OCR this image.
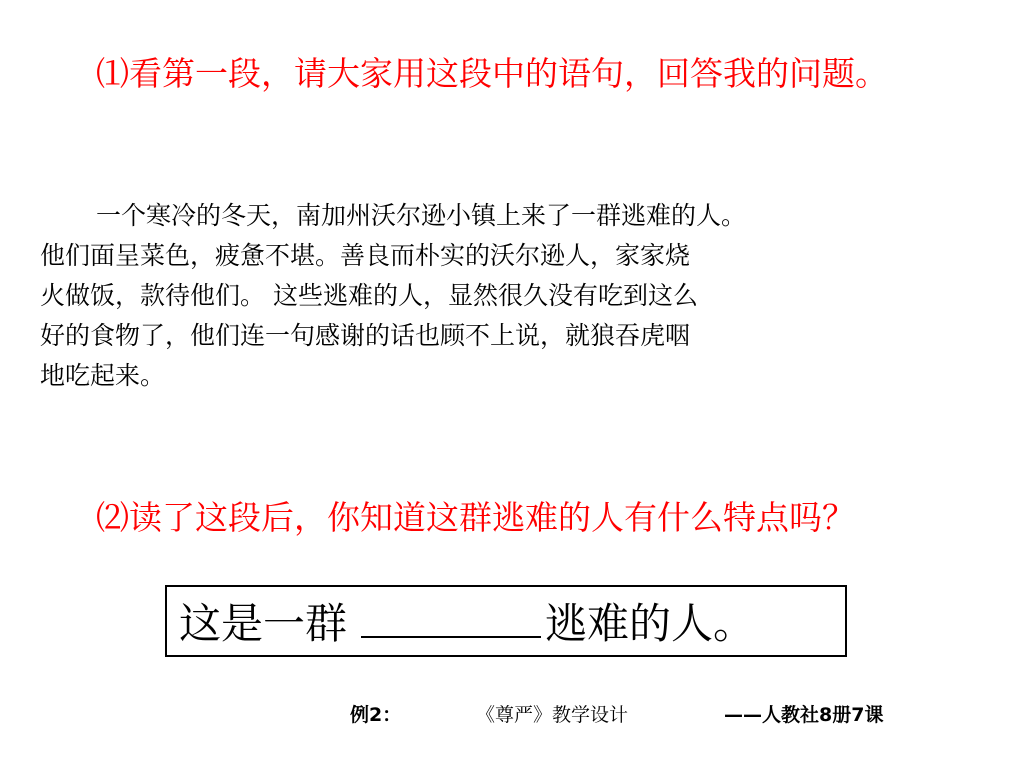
⑴看第一段，请大家用这段中的语句，回答我的问题。

一个寒冷的冬天，南加州沃尔逊小镇上来了一群逃难的人。
他们面呈菜色，疲惫不堪。善良而朴实的沃尔逊人，家家烧
火做饭，款待他们。 这些逃难的人，显然很久没有吃到这么
好的食物了，他们连一句感谢的话也顾不上说，就狼吞虎咽
地吃起来。

⑵读了这段后，你知道这群逃难的人有什么特点吗？

这是一群	逃难的人。
例2：	《尊严》教学设计	——人教社8册7课
